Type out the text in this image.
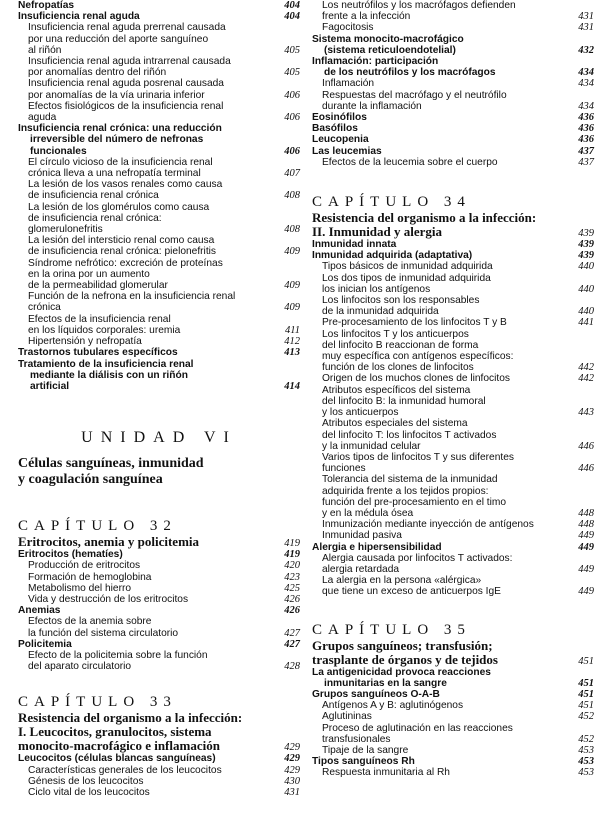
Nefropatías	404
Insuficiencia renal aguda	404
Insuficiencia renal aguda prerrenal causada
por una reducción del aporte sanguíneo
al riñón	405
Insuficiencia renal aguda intrarrenal causada
por anomalías dentro del riñón	405
Insuficiencia renal aguda posrenal causada
por anomalías de la vía urinaria inferior	406
Efectos fisiológicos de la insuficiencia renal
aguda	406
Insuficiencia renal crónica: una reducción
irreversible del número de nefronas
funcionales	406
El círculo vicioso de la insuficiencia renal
crónica lleva a una nefropatía terminal	407
La lesión de los vasos renales como causa
de insuficiencia renal crónica	408
La lesión de los glomérulos como causa
de insuficiencia renal crónica:
glomerulonefritis	408
La lesión del intersticio renal como causa
de insuficiencia renal crónica: pielonefritis	409
Síndrome nefrótico: excreción de proteínas
en la orina por un aumento
de la permeabilidad glomerular	409
Función de la nefrona en la insuficiencia renal
crónica	409
Efectos de la insuficiencia renal
en los líquidos corporales: uremia	411
Hipertensión y nefropatía	412
Trastornos tubulares específicos	413
Tratamiento de la insuficiencia renal
mediante la diálisis con un riñón
artificial	414
UNIDAD VI
Células sanguíneas, inmunidad
y coagulación sanguínea
CAPÍTULO 32
Eritrocitos, anemia y policitemia	419
Eritrocitos (hematíes)	419
Producción de eritrocitos	420
Formación de hemoglobina	423
Metabolismo del hierro	425
Vida y destrucción de los eritrocitos	426
Anemias	426
Efectos de la anemia sobre
la función del sistema circulatorio	427
Policitemia	427
Efecto de la policitemia sobre la función
del aparato circulatorio	428
CAPÍTULO 33
Resistencia del organismo a la infección:
I. Leucocitos, granulocitos, sistema
monocito-macrofágico e inflamación	429
Leucocitos (células blancas sanguíneas)	429
Características generales de los leucocitos	429
Génesis de los leucocitos	430
Ciclo vital de los leucocitos	431
Los neutrófilos y los macrófagos defienden
frente a la infección	431
Fagocitosis	431
Sistema monocito-macrofágico
(sistema reticuloendotelial)	432
Inflamación: participación
de los neutrófilos y los macrófagos	434
Inflamación	434
Respuestas del macrófago y el neutrófilo
durante la inflamación	434
Eosinófilos	436
Basófilos	436
Leucopenia	436
Las leucemias	437
Efectos de la leucemia sobre el cuerpo	437
CAPÍTULO 34
Resistencia del organismo a la infección:
II. Inmunidad y alergia	439
Inmunidad innata	439
Inmunidad adquirida (adaptativa)	439
Tipos básicos de inmunidad adquirida	440
Los dos tipos de inmunidad adquirida
los inician los antígenos	440
Los linfocitos son los responsables
de la inmunidad adquirida	440
Pre-procesamiento de los linfocitos T y B	441
Los linfocitos T y los anticuerpos
del linfocito B reaccionan de forma
muy específica con antígenos específicos:
función de los clones de linfocitos	442
Origen de los muchos clones de linfocitos	442
Atributos específicos del sistema
del linfocito B: la inmunidad humoral
y los anticuerpos	443
Atributos especiales del sistema
del linfocito T: los linfocitos T activados
y la inmunidad celular	446
Varios tipos de linfocitos T y sus diferentes
funciones	446
Tolerancia del sistema de la inmunidad
adquirida frente a los tejidos propios:
función del pre-procesamiento en el timo
y en la médula ósea	448
Inmunización mediante inyección de antígenos	448
Inmunidad pasiva	449
Alergia e hipersensibilidad	449
Alergia causada por linfocitos T activados:
alergia retardada	449
La alergia en la persona «alérgica»
que tiene un exceso de anticuerpos IgE	449
CAPÍTULO 35
Grupos sanguíneos; transfusión;
trasplante de órganos y de tejidos	451
La antigenicidad provoca reacciones
inmunitarias en la sangre	451
Grupos sanguíneos O-A-B	451
Antígenos A y B: aglutinógenos	451
Aglutininas	452
Proceso de aglutinación en las reacciones
transfusionales	452
Tipaje de la sangre	453
Tipos sanguíneos Rh	453
Respuesta inmunitaria al Rh	453
